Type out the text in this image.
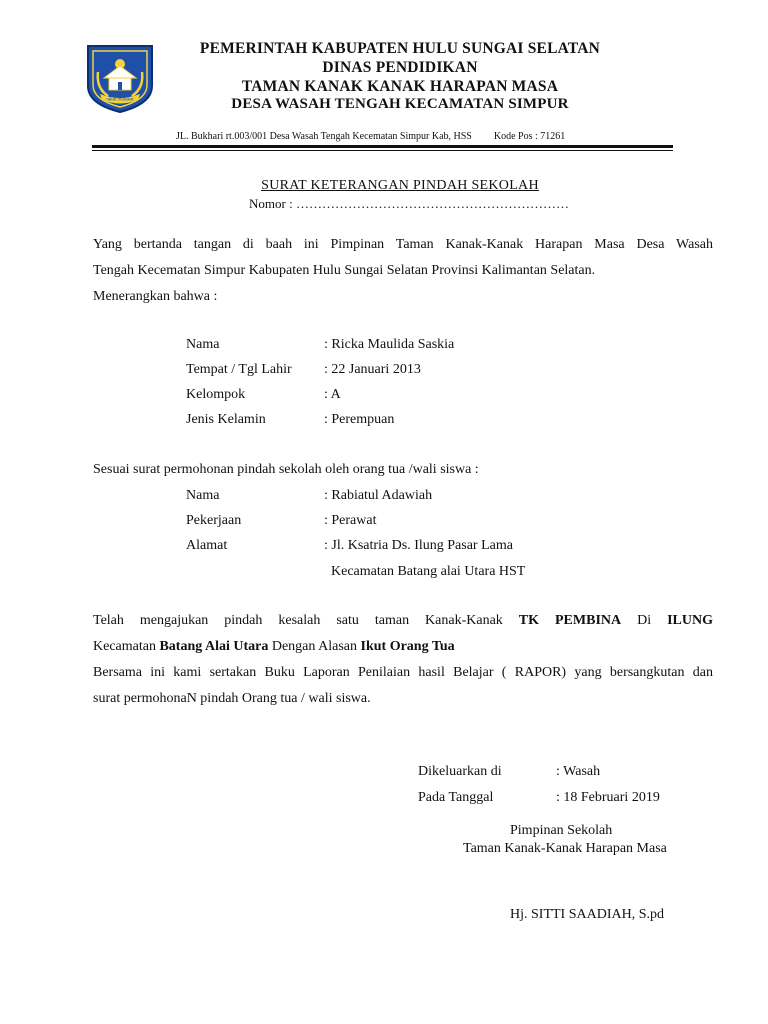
rakat mufakat
PEMERINTAH KABUPATEN HULU SUNGAI SELATAN
DINAS PENDIDIKAN
TAMAN KANAK KANAK HARAPAN MASA
DESA WASAH TENGAH KECAMATAN SIMPUR
JL. Bukhari rt.003/001 Desa Wasah Tengah Kecematan Simpur Kab, HSS Kode Pos : 71261
SURAT KETERANGAN PINDAH SEKOLAH
Nomor : ………………………………………………………
Yang bertanda tangan di baah ini Pimpinan Taman Kanak-Kanak Harapan Masa Desa Wasah
Tengah Kecematan Simpur Kabupaten Hulu Sungai Selatan Provinsi Kalimantan Selatan.
Menerangkan bahwa :
Nama	: Ricka Maulida Saskia
Tempat / Tgl Lahir : 22 Januari 2013
Kelompok	: A
Jenis Kelamin	: Perempuan
Sesuai surat permohonan pindah sekolah oleh orang tua /wali siswa :
Nama	: Rabiatul Adawiah
Pekerjaan	: Perawat
Alamat	: Jl. Ksatria Ds. Ilung Pasar Lama
Kecamatan Batang alai Utara HST
Telah mengajukan pindah kesalah satu taman Kanak-Kanak TK PEMBINA Di ILUNG
Kecamatan Batang Alai Utara Dengan Alasan Ikut Orang Tua
Bersama ini kami sertakan Buku Laporan Penilaian hasil Belajar ( RAPOR) yang bersangkutan dan
surat permohonaN pindah Orang tua / wali siswa.
Dikeluarkan di	: Wasah
Pada Tanggal	: 18 Februari 2019
Pimpinan Sekolah
Taman Kanak-Kanak Harapan Masa
Hj. SITTI SAADIAH, S.pd
